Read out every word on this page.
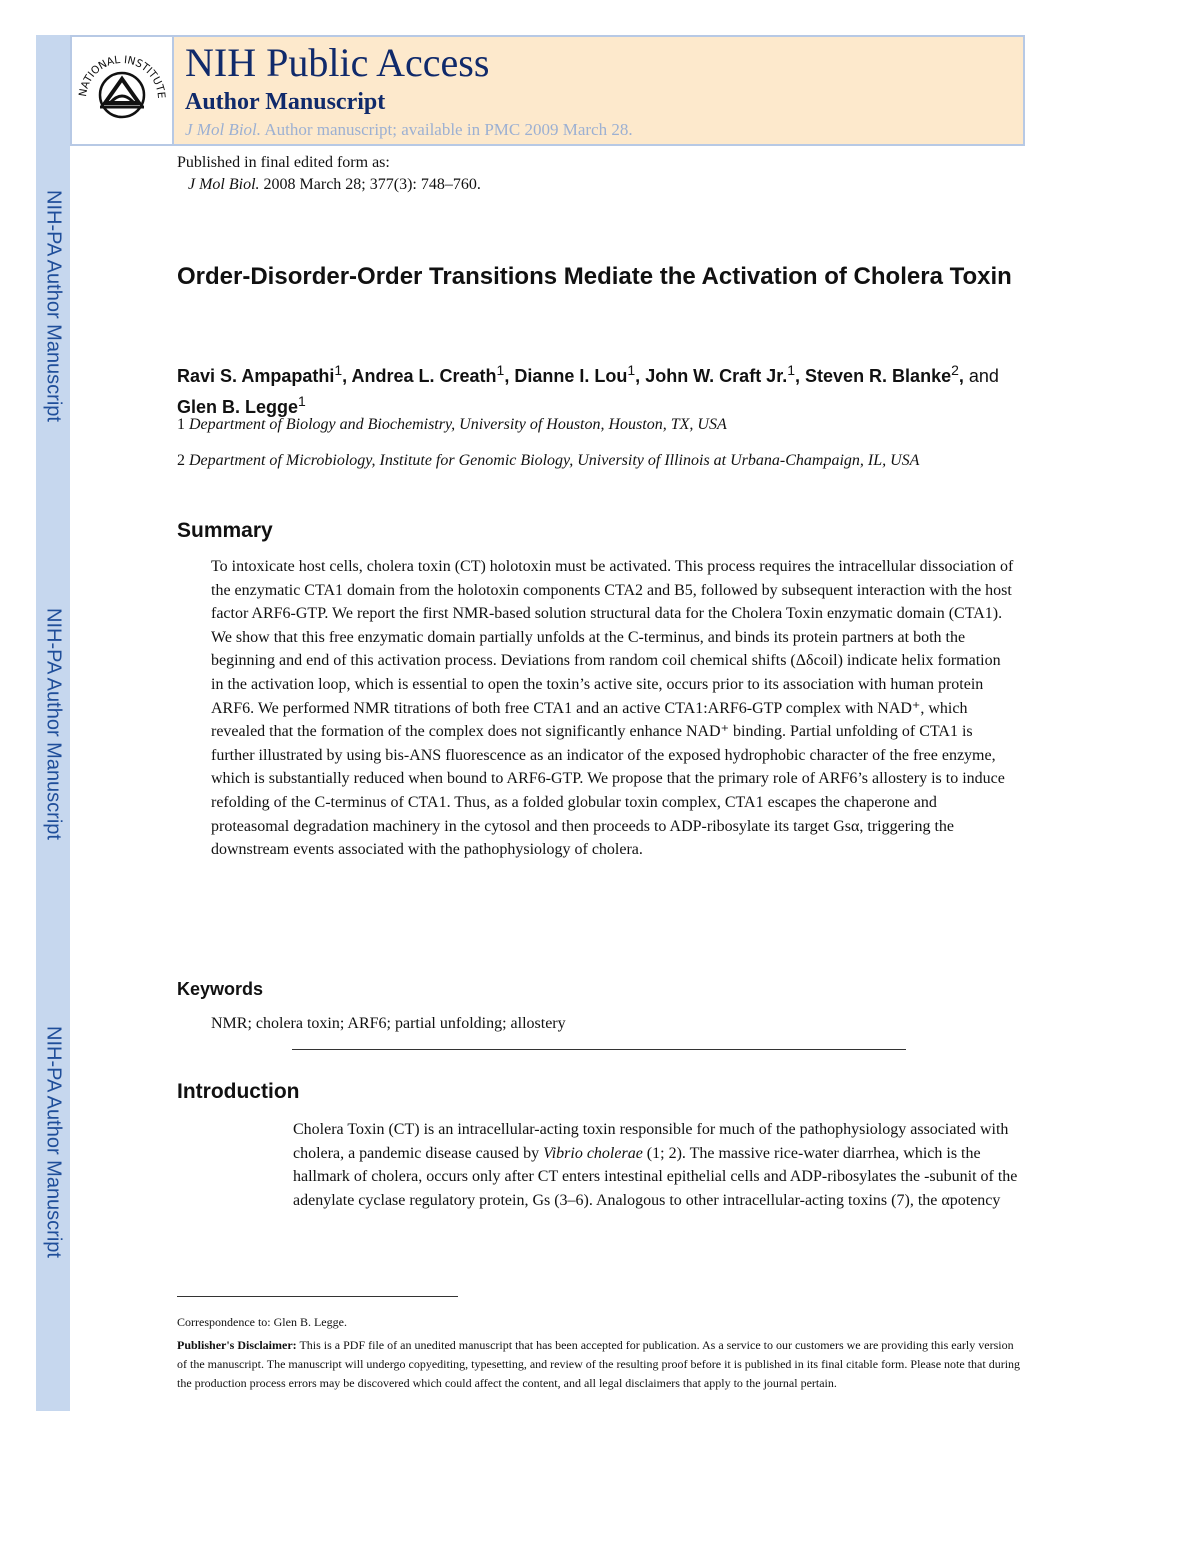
NIH-PA Author Manuscript
NIH-PA Author Manuscript
NIH-PA Author Manuscript
NATIONAL INSTITUTE
NIH Public Access
Author Manuscript
J Mol Biol. Author manuscript; available in PMC 2009 March 28.
Published in final edited form as:
J Mol Biol. 2008 March 28; 377(3): 748–760.
Order-Disorder-Order Transitions Mediate the Activation of Cholera Toxin
Ravi S. Ampapathi$^1$, Andrea L. Creath$^1$, Dianne I. Lou$^1$, John W. Craft Jr.$^1$, Steven R. Blanke$^2$, and Glen B. Legge$^1$
1 Department of Biology and Biochemistry, University of Houston, Houston, TX, USA
2 Department of Microbiology, Institute for Genomic Biology, University of Illinois at Urbana-Champaign, IL, USA
Summary
To intoxicate host cells, cholera toxin (CT) holotoxin must be activated. This process requires the intracellular dissociation of the enzymatic CTA1 domain from the holotoxin components CTA2 and B5, followed by subsequent interaction with the host factor ARF6-GTP. We report the first NMR-based solution structural data for the Cholera Toxin enzymatic domain (CTA1). We show that this free enzymatic domain partially unfolds at the C-terminus, and binds its protein partners at both the beginning and end of this activation process. Deviations from random coil chemical shifts (Δδcoil) indicate helix formation in the activation loop, which is essential to open the toxin’s active site, occurs prior to its association with human protein ARF6. We performed NMR titrations of both free CTA1 and an active CTA1:ARF6-GTP complex with NAD⁺, which revealed that the formation of the complex does not significantly enhance NAD⁺ binding. Partial unfolding of CTA1 is further illustrated by using bis-ANS fluorescence as an indicator of the exposed hydrophobic character of the free enzyme, which is substantially reduced when bound to ARF6-GTP. We propose that the primary role of ARF6’s allostery is to induce refolding of the C-terminus of CTA1. Thus, as a folded globular toxin complex, CTA1 escapes the chaperone and proteasomal degradation machinery in the cytosol and then proceeds to ADP-ribosylate its target Gsα, triggering the downstream events associated with the pathophysiology of cholera.
Keywords
NMR; cholera toxin; ARF6; partial unfolding; allostery
Introduction
Cholera Toxin (CT) is an intracellular-acting toxin responsible for much of the pathophysiology associated with cholera, a pandemic disease caused by Vibrio cholerae (1; 2). The massive rice-water diarrhea, which is the hallmark of cholera, occurs only after CT enters intestinal epithelial cells and ADP-ribosylates the -subunit of the adenylate cyclase regulatory protein, Gs (3–6). Analogous to other intracellular-acting toxins (7), the αpotency
Correspondence to: Glen B. Legge.
Publisher's Disclaimer: This is a PDF file of an unedited manuscript that has been accepted for publication. As a service to our customers we are providing this early version of the manuscript. The manuscript will undergo copyediting, typesetting, and review of the resulting proof before it is published in its final citable form. Please note that during the production process errors may be discovered which could affect the content, and all legal disclaimers that apply to the journal pertain.
